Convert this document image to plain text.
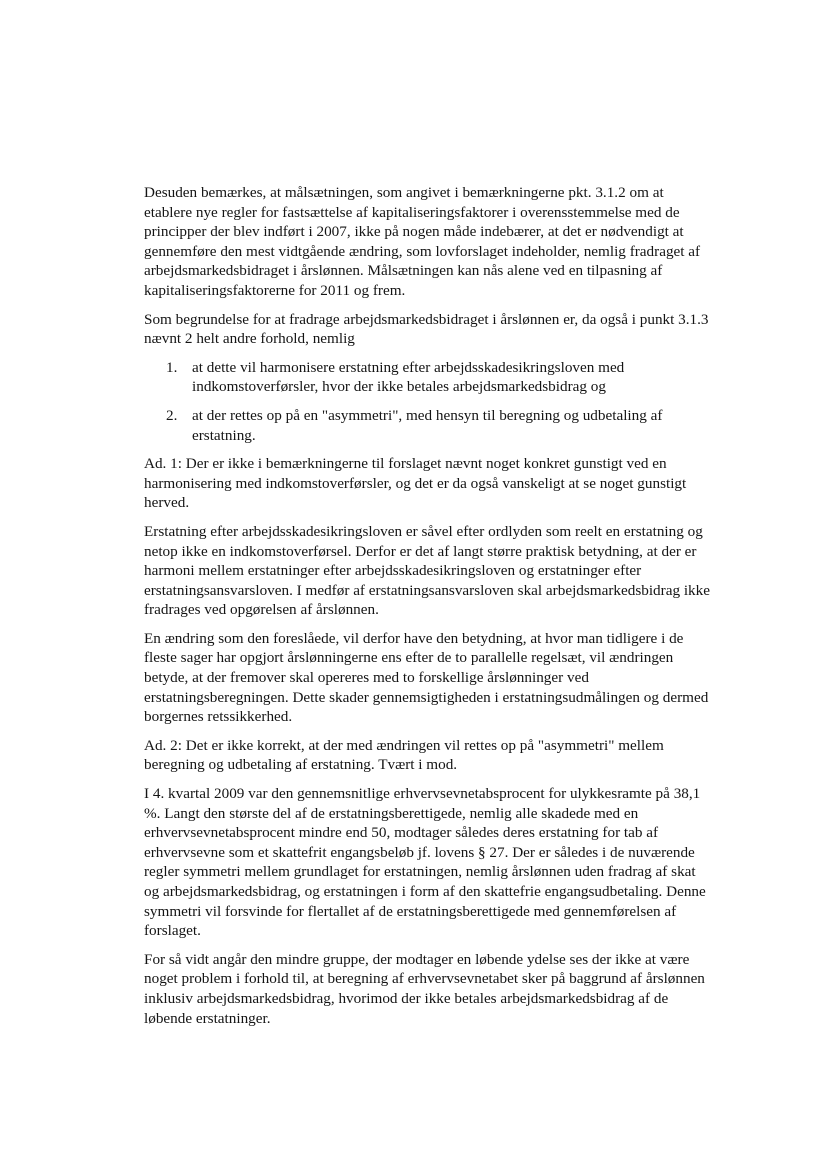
Desuden bemærkes, at målsætningen, som angivet i bemærkningerne pkt. 3.1.2 om at etablere nye regler for fastsættelse af kapitaliseringsfaktorer i overensstemmelse med de principper der blev indført i 2007, ikke på nogen måde indebærer, at det er nødvendigt at gennemføre den mest vidtgående ændring, som lovforslaget indeholder, nemlig fradraget af arbejdsmarkedsbidraget i årslønnen. Målsætningen kan nås alene ved en tilpasning af kapitaliseringsfaktorerne for 2011 og frem.

Som begrundelse for at fradrage arbejdsmarkedsbidraget i årslønnen er, da også i punkt 3.1.3 nævnt 2 helt andre forhold, nemlig

1. at dette vil harmonisere erstatning efter arbejdsskadesikringsloven med indkomstoverførsler, hvor der ikke betales arbejdsmarkedsbidrag og
2. at der rettes op på en "asymmetri", med hensyn til beregning og udbetaling af erstatning.

Ad. 1: Der er ikke i bemærkningerne til forslaget nævnt noget konkret gunstigt ved en harmonisering med indkomstoverførsler, og det er da også vanskeligt at se noget gunstigt herved.

Erstatning efter arbejdsskadesikringsloven er såvel efter ordlyden som reelt en erstatning og netop ikke en indkomstoverførsel. Derfor er det af langt større praktisk betydning, at der er harmoni mellem erstatninger efter arbejdsskadesikringsloven og erstatninger efter erstatningsansvarsloven. I medfør af erstatningsansvarsloven skal arbejdsmarkedsbidrag ikke fradrages ved opgørelsen af årslønnen.

En ændring som den foreslåede, vil derfor have den betydning, at hvor man tidligere i de fleste sager har opgjort årslønningerne ens efter de to parallelle regelsæt, vil ændringen betyde, at der fremover skal opereres med to forskellige årslønninger ved erstatningsberegningen. Dette skader gennemsigtigheden i erstatningsudmålingen og dermed borgernes retssikkerhed.

Ad. 2: Det er ikke korrekt, at der med ændringen vil rettes op på "asymmetri" mellem beregning og udbetaling af erstatning. Tvært i mod.

I 4. kvartal 2009 var den gennemsnitlige erhvervsevnetabsprocent for ulykkesramte på 38,1 %. Langt den største del af de erstatningsberettigede, nemlig alle skadede med en erhvervsevnetabsprocent mindre end 50, modtager således deres erstatning for tab af erhvervsevne som et skattefrit engangsbeløb jf. lovens § 27. Der er således i de nuværende regler symmetri mellem grundlaget for erstatningen, nemlig årslønnen uden fradrag af skat og arbejdsmarkedsbidrag, og erstatningen i form af den skattefrie engangsudbetaling. Denne symmetri vil forsvinde for flertallet af de erstatningsberettigede med gennemførelsen af forslaget.

For så vidt angår den mindre gruppe, der modtager en løbende ydelse ses der ikke at være noget problem i forhold til, at beregning af erhvervsevnetabet sker på baggrund af årslønnen inklusiv arbejdsmarkedsbidrag, hvorimod der ikke betales arbejdsmarkedsbidrag af de løbende erstatninger.
